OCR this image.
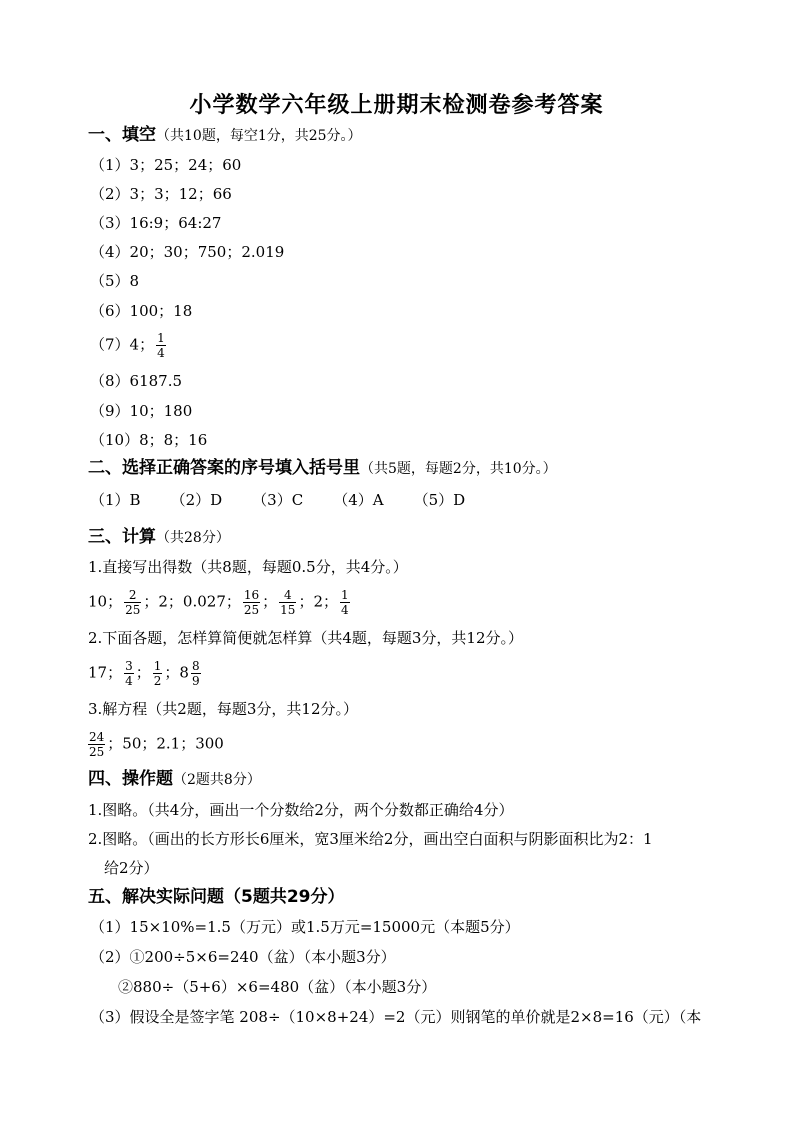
小学数学六年级上册期末检测卷参考答案
一、填空（共10题，每空1分，共25分。）
（1）3；25；24；60
（2）3；3；12；66
（3）16:9；64:27
（4）20；30；750；2.019
（5）8
（6）100；18
（7）4； $\frac{1}{4}$
（8）6187.5
（9）10；180
（10）8；8；16
二、选择正确答案的序号填入括号里（共5题，每题2分，共10分。）
（1）B （2）D （3）C （4）A （5）D
三、计算（共28分）
1.直接写出得数（共8题，每题0.5分，共4分。）
10； $\frac{2}{25}$ ；2；0.027； $\frac{16}{25}$ ； $\frac{4}{15}$ ；2； $\frac{1}{4}$
2.下面各题，怎样算简便就怎样算（共4题，每题3分，共12分。）
17； $\frac{3}{4}$ ； $\frac{1}{2}$ ；$8 \frac{8}{9}$
3.解方程（共2题，每题3分，共12分。）
$\frac{24}{25}$ ；50；2.1；300
四、操作题（2题共8分）
1.图略。（共4分，画出一个分数给2分，两个分数都正确给4分）
2.图略。（画出的长方形长6厘米，宽3厘米给2分，画出空白面积与阴影面积比为2：1
给2分）
五、解决实际问题（5题共29分）
（1）15×10%=1.5（万元）或1.5万元=15000元（本题5分）
（2）①200÷5×6=240（盆）（本小题3分）
②880÷（5+6）×6=480（盆）（本小题3分）
（3）假设全是签字笔 208÷（10×8+24）=2（元）则钢笔的单价就是2×8=16（元）（本
